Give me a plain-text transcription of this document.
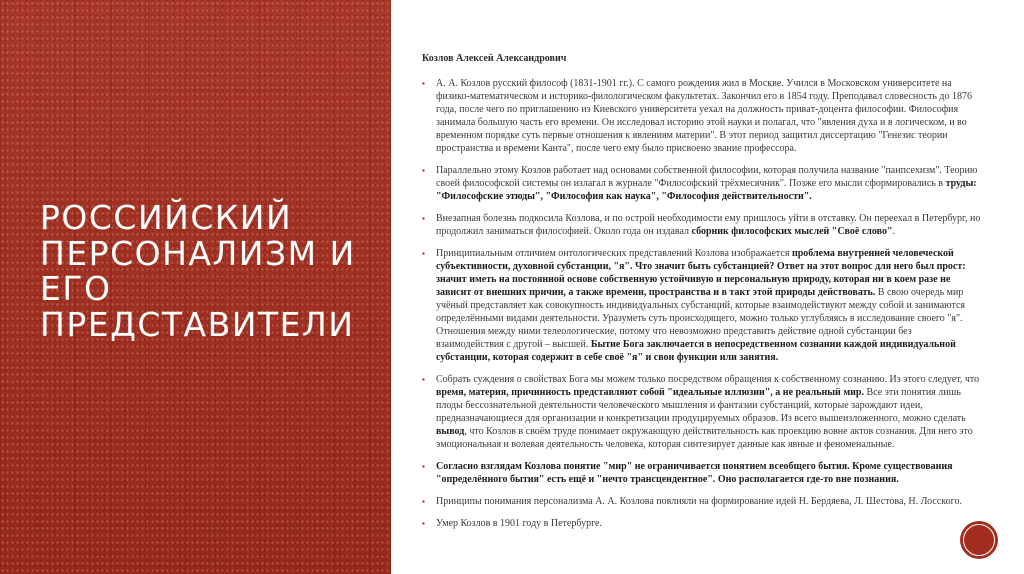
РОССИЙСКИЙ
ПЕРСОНАЛИЗМ И
ЕГО
ПРЕДСТАВИТЕЛИ
Козлов Алексей Александрович
▪ А. А. Козлов русский философ (1831-1901 гг.). С самого рождения жил в Москве. Учился в Московском университете на физико-математическом и историко-филологическом факультетах. Закончил его в 1854 году. Преподавал словесность до 1876 года, после чего по приглашению из Киевского университета уехал на должность привaт-доцента философии. Философия занимала большую часть его времени. Он исследовал историю этой науки и полагал, что "явления духа и в логическом, и во временном порядке суть первые отношения к явлениям материи". В этот период защитил диссертацию "Генезис теории пространства и времени Канта", после чего ему было присвоено звание профессора.
▪ Параллельно этому Козлов работает над основами собственной философии, которая получила название "панпсехизм". Теорию своей философской системы он излагал в журнале "Философский трёхмесячник". Позже его мысли сформировались в труды: "Философские этюды", "Философия как наука", "Философия действительности".
▪ Внезапная болезнь подкосила Козлова, и по острой необходимости ему пришлось уйти в отставку. Он переехал в Петербург, но продолжил заниматься философией. Около года он издавал сборник философских мыслей "Своё слово".
▪ Принципиальным отличием онтологических представлений Козлова изображается проблема внутренней человеческой субъективности, духовной субстанции, "я". Что значит быть субстанцией? Ответ на этот вопрос для него был прост: значит иметь на постоянной основе собственную устойчивую и персональную природу, которая ни в коем разе не зависит от внешних причин, а также времени, пространства и в такт этой природы действовать. В свою очередь мир учёный представляет как совокупность индивидуальных субстанций, которые взаимодействуют между собой и занимаются определёнными видами деятельности. Уразуметь суть происходящего, можно только углубляясь в исследование своего "я". Отношения между ними телеологические, потому что невозможно представить действие одной субстанции без взаимодействия с другой – высшей. Бытие Бога заключается в непосредственном сознании каждой индивидуальной субстанции, которая содержит в себе своё "я" и свои функции или занятия.
▪ Собрать суждения о свойствах Бога мы можем только посредством обращения к собственному сознанию. Из этого следует, что время, материя, причинность представляют собой "идеальные иллюзии", а не реальный мир. Все эти понятия лишь плоды бессознательной деятельности человеческого мышления и фантазии субстанций, которые зарождают идеи, предназначающиеся для организации и конкретизации продуцируемых образов. Из всего вышеизложенного, можно сделать вывод, что Козлов в своём труде понимает окружающую действительность как проекцию вовне актов сознания. Для него это эмоциональная и волевая деятельность человека, которая синтезирует данные как явные и феноменальные.
▪ Согласно взглядам Козлова понятие "мир" не ограничивается понятием всеобщего бытия. Кроме существования "определённого бытия" есть ещё и "нечто трансцендентное". Оно располагается где-то вне познания.
▪ Принципы понимания персонализма А. А. Козлова повлияли на формирование идей Н. Бердяева, Л. Шестова, Н. Лосского.
▪ Умер Козлов в 1901 году в Петербурге.
